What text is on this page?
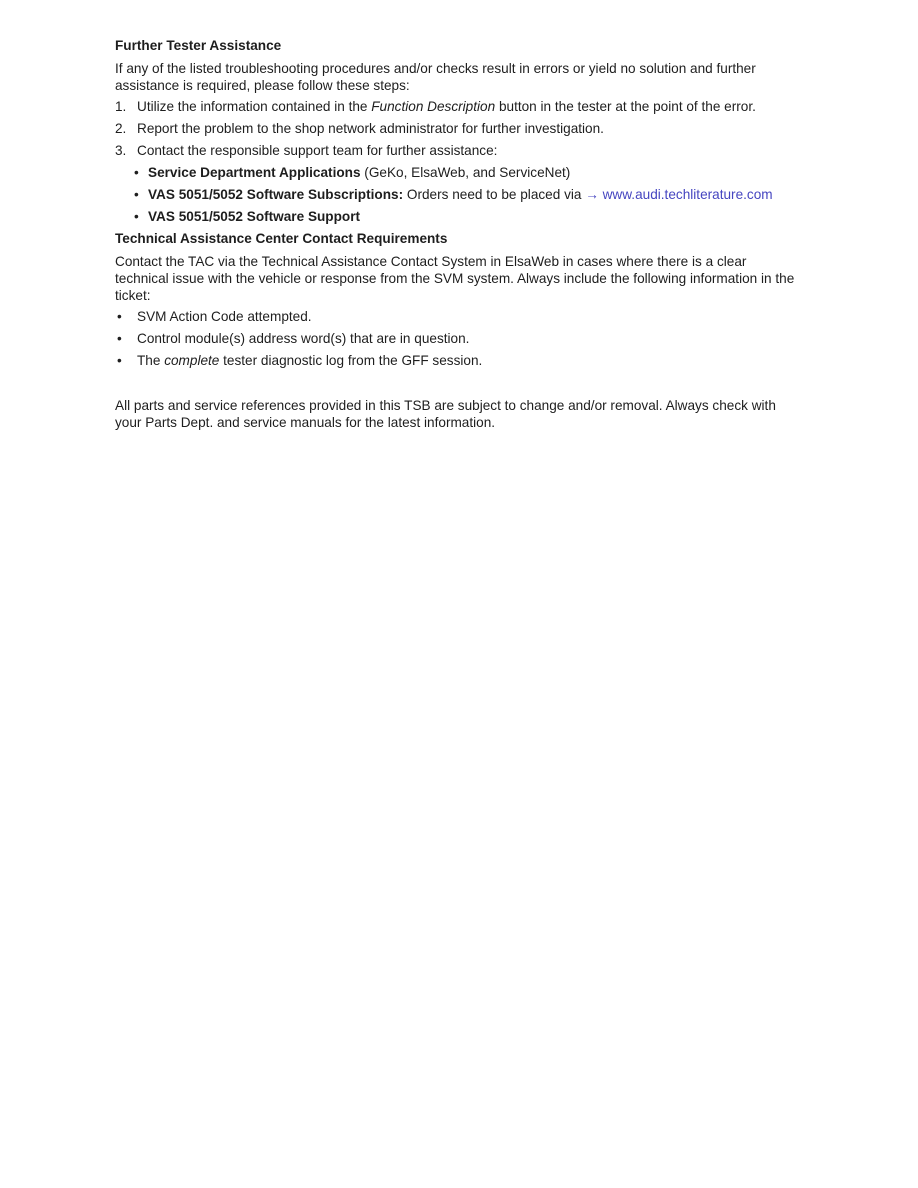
Further Tester Assistance
If any of the listed troubleshooting procedures and/or checks result in errors or yield no solution and further
assistance is required, please follow these steps:
1. Utilize the information contained in the Function Description button in the tester at the point of the error.
2. Report the problem to the shop network administrator for further investigation.
3. Contact the responsible support team for further assistance:
• Service Department Applications (GeKo, ElsaWeb, and ServiceNet)
• VAS 5051/5052 Software Subscriptions: Orders need to be placed via → www.audi.techliterature.com
• VAS 5051/5052 Software Support
Technical Assistance Center Contact Requirements
Contact the TAC via the Technical Assistance Contact System in ElsaWeb in cases where there is a clear
technical issue with the vehicle or response from the SVM system. Always include the following information in the
ticket:
• SVM Action Code attempted.
• Control module(s) address word(s) that are in question.
• The complete tester diagnostic log from the GFF session.
All parts and service references provided in this TSB are subject to change and/or removal. Always check with
your Parts Dept. and service manuals for the latest information.
